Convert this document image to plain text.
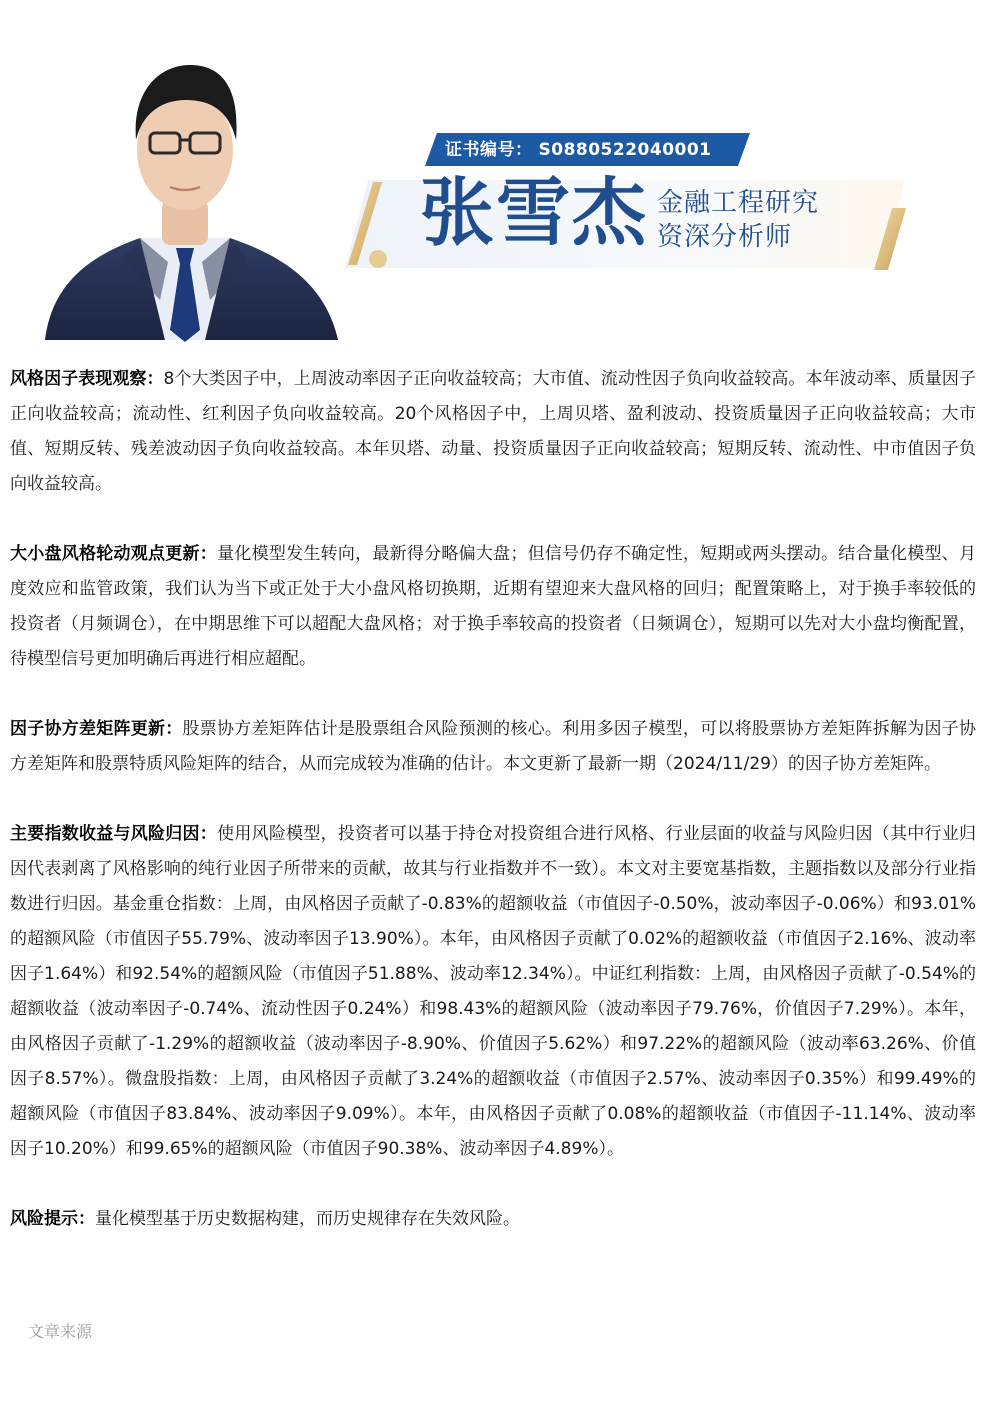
证书编号： S0880522040001
张雪杰 金融工程研究
资深分析师

风格因子表现观察：8个大类因子中，上周波动率因子正向收益较高；大市值、流动性因子负向收益较高。本年波动率、质量因子正向收益较高；流动性、红利因子负向收益较高。20个风格因子中，上周贝塔、盈利波动、投资质量因子正向收益较高；大市值、短期反转、残差波动因子负向收益较高。本年贝塔、动量、投资质量因子正向收益较高；短期反转、流动性、中市值因子负向收益较高。

大小盘风格轮动观点更新：量化模型发生转向，最新得分略偏大盘；但信号仍存不确定性，短期或两头摆动。结合量化模型、月度效应和监管政策，我们认为当下或正处于大小盘风格切换期，近期有望迎来大盘风格的回归；配置策略上，对于换手率较低的投资者（月频调仓），在中期思维下可以超配大盘风格；对于换手率较高的投资者（日频调仓），短期可以先对大小盘均衡配置，待模型信号更加明确后再进行相应超配。

因子协方差矩阵更新：股票协方差矩阵估计是股票组合风险预测的核心。利用多因子模型，可以将股票协方差矩阵拆解为因子协方差矩阵和股票特质风险矩阵的结合，从而完成较为准确的估计。本文更新了最新一期（2024/11/29）的因子协方差矩阵。

主要指数收益与风险归因：使用风险模型，投资者可以基于持仓对投资组合进行风格、行业层面的收益与风险归因（其中行业归因代表剥离了风格影响的纯行业因子所带来的贡献，故其与行业指数并不一致）。本文对主要宽基指数，主题指数以及部分行业指数进行归因。基金重仓指数：上周，由风格因子贡献了-0.83%的超额收益（市值因子-0.50%，波动率因子-0.06%）和93.01%的超额风险（市值因子55.79%、波动率因子13.90%）。本年，由风格因子贡献了0.02%的超额收益（市值因子2.16%、波动率因子1.64%）和92.54%的超额风险（市值因子51.88%、波动率12.34%）。中证红利指数：上周，由风格因子贡献了-0.54%的超额收益（波动率因子-0.74%、流动性因子0.24%）和98.43%的超额风险（波动率因子79.76%，价值因子7.29%）。本年，由风格因子贡献了-1.29%的超额收益（波动率因子-8.90%、价值因子5.62%）和97.22%的超额风险（波动率63.26%、价值因子8.57%）。微盘股指数：上周，由风格因子贡献了3.24%的超额收益（市值因子2.57%、波动率因子0.35%）和99.49%的超额风险（市值因子83.84%、波动率因子9.09%）。本年，由风格因子贡献了0.08%的超额收益（市值因子-11.14%、波动率因子10.20%）和99.65%的超额风险（市值因子90.38%、波动率因子4.89%）。

风险提示：量化模型基于历史数据构建，而历史规律存在失效风险。

文章来源
